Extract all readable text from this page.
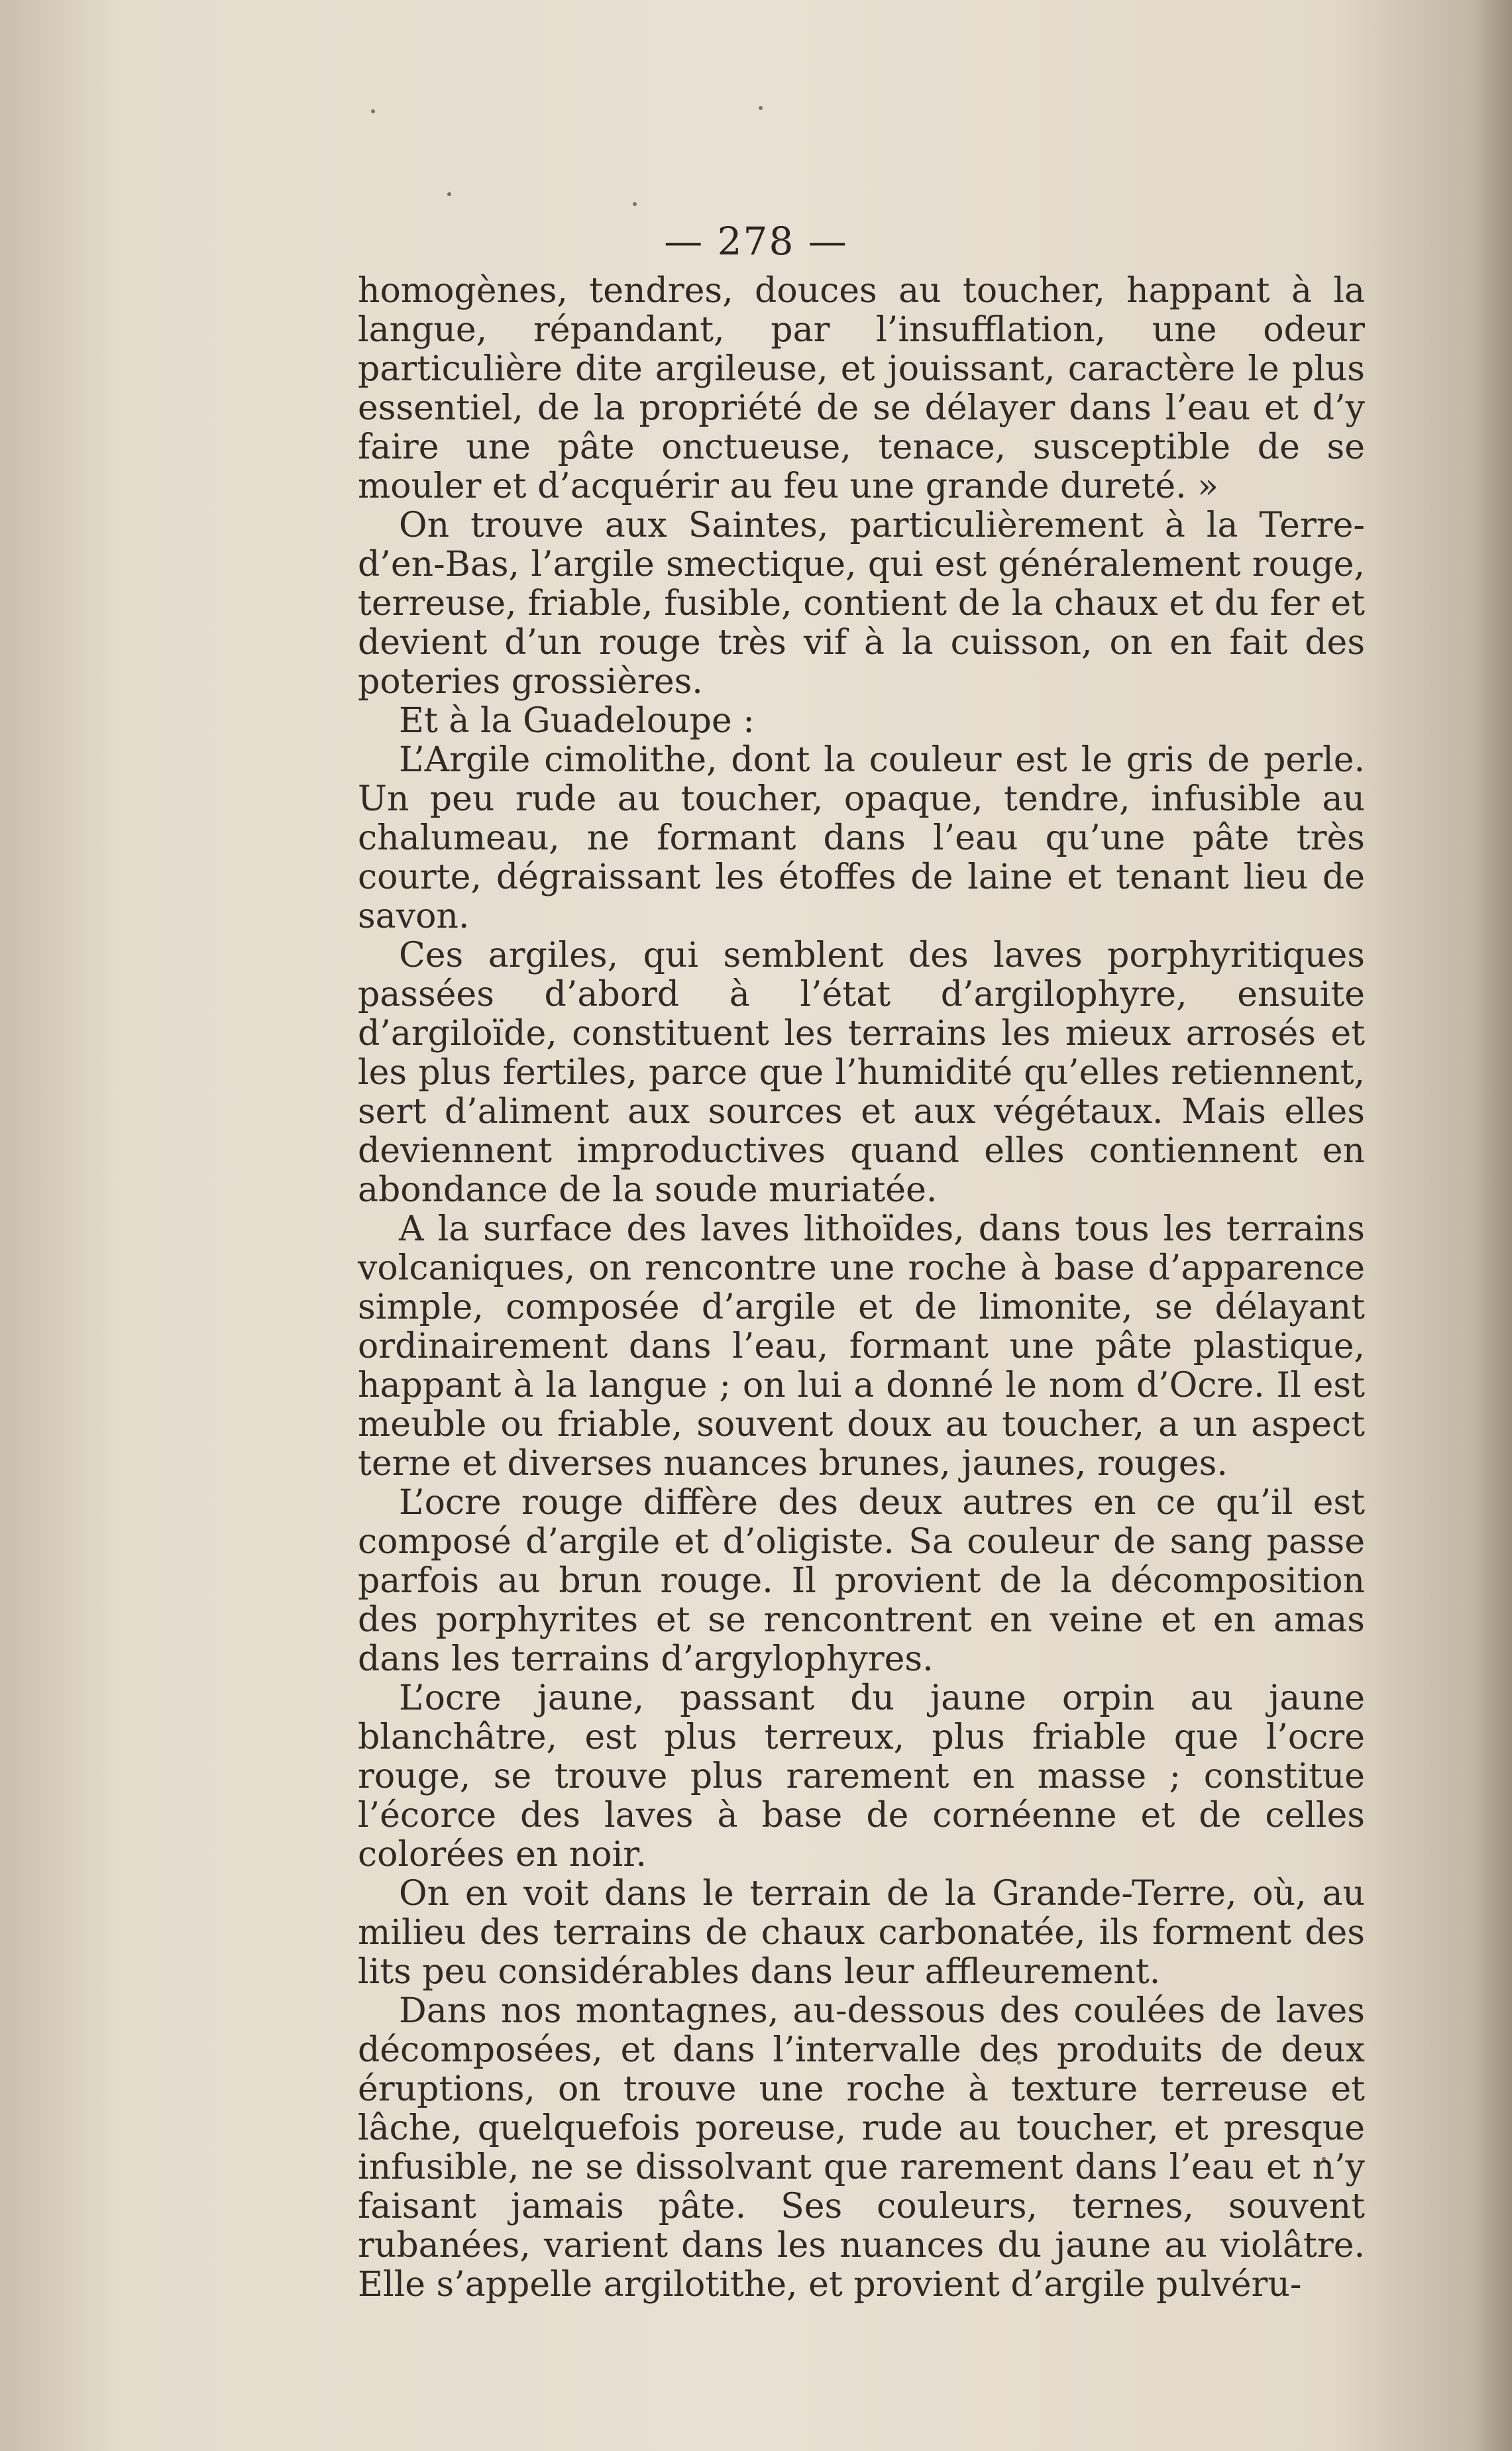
— 278 —

homogènes, tendres, douces au toucher, happant à la langue, répandant, par l’insufflation, une odeur particulière dite argileuse, et jouissant, caractère le plus essentiel, de la propriété de se délayer dans l’eau et d’y faire une pâte onctueuse, tenace, susceptible de se mouler et d’acquérir au feu une grande dureté. »

On trouve aux Saintes, particulièrement à la Terre-d’en-Bas, l’argile smectique, qui est généralement rouge, terreuse, friable, fusible, contient de la chaux et du fer et devient d’un rouge très vif à la cuisson, on en fait des poteries grossières.

Et à la Guadeloupe :

L’Argile cimolithe, dont la couleur est le gris de perle. Un peu rude au toucher, opaque, tendre, infusible au chalumeau, ne formant dans l’eau qu’une pâte très courte, dégraissant les étoffes de laine et tenant lieu de savon.

Ces argiles, qui semblent des laves porphyritiques passées d’abord à l’état d’argilophyre, ensuite d’argiloïde, constituent les terrains les mieux arrosés et les plus fertiles, parce que l’humidité qu’elles retiennent, sert d’aliment aux sources et aux végétaux. Mais elles deviennent improductives quand elles contiennent en abondance de la soude muriatée.

A la surface des laves lithoïdes, dans tous les terrains volcaniques, on rencontre une roche à base d’apparence simple, composée d’argile et de limonite, se délayant ordinairement dans l’eau, formant une pâte plastique, happant à la langue ; on lui a donné le nom d’Ocre. Il est meuble ou friable, souvent doux au toucher, a un aspect terne et diverses nuances brunes, jaunes, rouges.

L’ocre rouge diffère des deux autres en ce qu’il est composé d’argile et d’oligiste. Sa couleur de sang passe parfois au brun rouge. Il provient de la décomposition des porphyrites et se rencontrent en veine et en amas dans les terrains d’argylophyres.

L’ocre jaune, passant du jaune orpin au jaune blanchâtre, est plus terreux, plus friable que l’ocre rouge, se trouve plus rarement en masse ; constitue l’écorce des laves à base de cornéenne et de celles colorées en noir.

On en voit dans le terrain de la Grande-Terre, où, au milieu des terrains de chaux carbonatée, ils forment des lits peu considérables dans leur affleurement.

Dans nos montagnes, au-dessous des coulées de laves décomposées, et dans l’intervalle des produits de deux éruptions, on trouve une roche à texture terreuse et lâche, quelquefois poreuse, rude au toucher, et presque infusible, ne se dissolvant que rarement dans l’eau et n’y faisant jamais pâte. Ses couleurs, ternes, souvent rubanées, varient dans les nuances du jaune au violâtre. Elle s’appelle argilotithe, et provient d’argile pulvéru-
